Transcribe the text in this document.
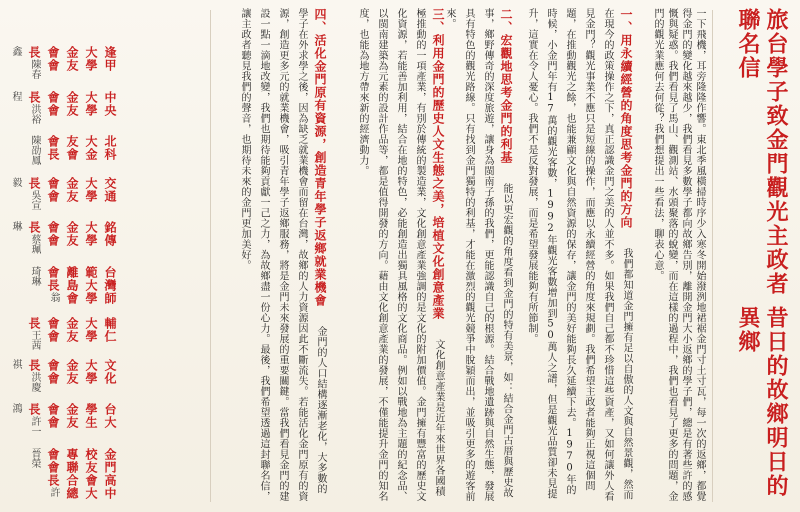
昔日的故鄉明日的異鄉
旅台學子致金門觀光主政者聯名信
一下飛機，耳旁隆隆作響。東北季風橫掃時序少入寒冬開始潑洌地裙裾金門寸土寸瓦，每一次的返鄉，都覺得金門的變化越來越少，我們看見多數學子都向故鄉告別，離開金門大小返鄉的學子們，總是有著些許的感慨與疑惑。我們看見了馬山、觀測站、水頭聚落的蛻變，而在這樣的過程中，我們也看見了更多的問題，金門的觀光業應何去何從？我們想提出一些看法，聊表心意。
一、用永續經營的角度思考金門的方向 我們都知道金門擁有足以自傲的人文與自然景觀，然而在現今的政策操作之下，真正認識金門之美的人並不多。如果我們自己都不珍惜這些資產，又如何讓外人看見金門？觀光事業不應只是短線的操作，而應以永續經營的角度來規劃。我們希望主政者能夠正視這個問題，在推動觀光之餘，也能兼顧文化與自然資源的保存，讓金門的美好能夠長久延續下去。1970年的時候，小金門年有17萬的觀光客數，1992年觀光客數增加到50萬人之譜，但是觀光品質卻未見提升，這實在令人憂心。我們不是反對發展，而是希望發展能夠有所節制。
二、宏觀地思考金門的利基 能以更宏觀的角度看到金門的特有美景，如：結合金門古厝與歷史故事，鄉野傳奇的深度旅遊，讓身為閩南子孫的我們，更能認識自己的根源。結合戰地遺跡與自然生態，發展具有特色的觀光路線。只有找到金門獨特的利基，才能在激烈的觀光競爭中脫穎而出，並吸引更多的遊客前來。
三、利用金門的歷史人文生態之美，培植文化創意產業 文化創意產業是近年來世界各國積極推動的一項產業，有別於傳統的製造業，文化創意產業強調的是文化的附加價值。金門擁有豐富的歷史文化資源，若能善加利用，結合在地的特色，必能創造出獨具風格的文化商品。例如以戰地為主題的紀念品、以閩南建築為元素的設計作品等，都是值得開發的方向。藉由文化創意產業的發展，不僅能提升金門的知名度，也能為地方帶來新的經濟動力。
四、活化金門原有資源，創造青年學子返鄉就業機會 金門的人口結構逐漸老化，大多數的學子在外求學之後，因為缺乏就業機會而留在台灣，故鄉的人力資源因此不斷流失。若能活化金門原有的資源，創造更多元的就業機會，吸引青年學子返鄉服務，將是金門未來發展的重要關鍵。當我們看見金門的建設一點一滴地改變，我們也期待能夠貢獻一己之力，為故鄉盡一份心力。最後，我們希望透過這封聯名信，讓主政者聽見我們的聲音，也期待未來的金門更加美好。
金門高中校友會大專聯合總會會長許晉榮
台大學生金友會會長許一鴻
文化大學金友會會長洪慶祺
輔仁大學金友會會長王茜
台灣師範大學離島會會長翁琦琳
銘傳大學金友會會長蔡珮琳
交通大學金友會會長吳宣毅
北科大金友會會長陳劭鳳
中央大學金友會會長洪裕程
逢甲大學金友會會長陳春鑫
